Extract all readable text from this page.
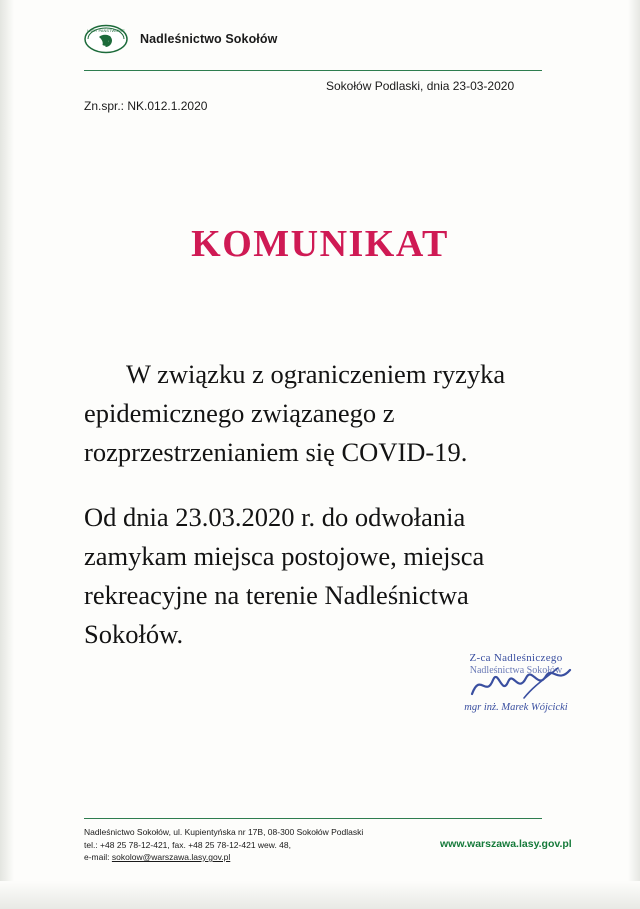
LASY PAŃSTWOWE
Nadleśnictwo Sokołów
Sokołów Podlaski, dnia 23-03-2020
Zn.spr.: NK.012.1.2020
KOMUNIKAT

W związku z ograniczeniem ryzyka epidemicznego związanego z rozprzestrzenianiem się COVID-19.

Od dnia 23.03.2020 r. do odwołania zamykam miejsca postojowe, miejsca rekreacyjne na terenie Nadleśnictwa Sokołów.

Z-ca Nadleśniczego
Nadleśnictwa Sokołów
mgr inż. Marek Wójcicki
Nadleśnictwo Sokołów, ul. Kupientyńska nr 17B, 08-300 Sokołów Podlaski
tel.: +48 25 78-12-421, fax. +48 25 78-12-421 wew. 48,
e-mail: sokolow@warszawa.lasy.gov.pl
www.warszawa.lasy.gov.pl
